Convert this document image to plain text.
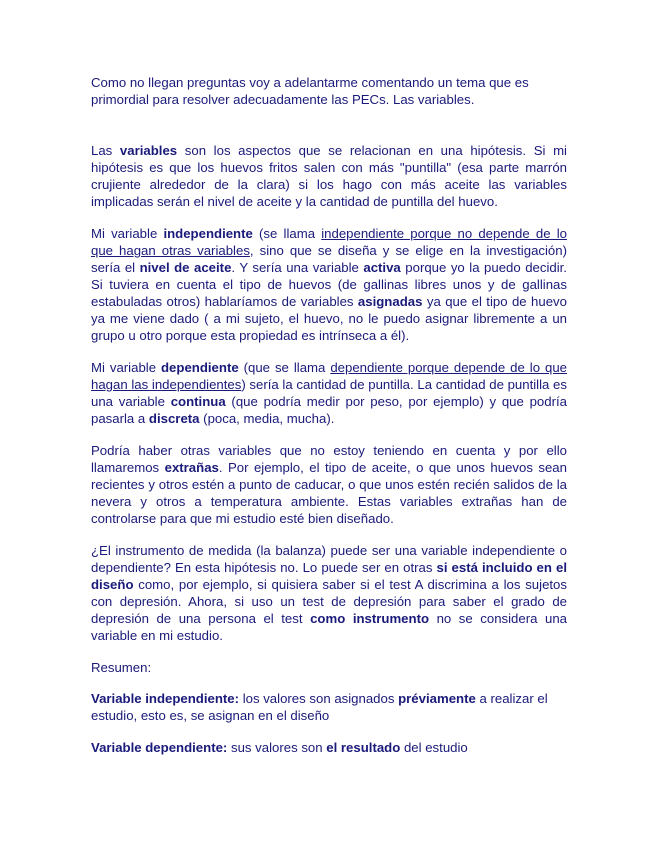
Como no llegan preguntas voy a adelantarme comentando un tema que es primordial para resolver adecuadamente las PECs. Las variables.

Las variables son los aspectos que se relacionan en una hipótesis. Si mi hipótesis es que los huevos fritos salen con más "puntilla" (esa parte marrón crujiente alrededor de la clara) si los hago con más aceite las variables implicadas serán el nivel de aceite y la cantidad de puntilla del huevo.

Mi variable independiente (se llama independiente porque no depende de lo que hagan otras variables, sino que se diseña y se elige en la investigación) sería el nivel de aceite. Y sería una variable activa porque yo la puedo decidir. Si tuviera en cuenta el tipo de huevos (de gallinas libres unos y de gallinas estabuladas otros) hablaríamos de variables asignadas ya que el tipo de huevo ya me viene dado ( a mi sujeto, el huevo, no le puedo asignar libremente a un grupo u otro porque esta propiedad es intrínseca a él).

Mi variable dependiente (que se llama dependiente porque depende de lo que hagan las independientes) sería la cantidad de puntilla. La cantidad de puntilla es una variable continua (que podría medir por peso, por ejemplo) y que podría pasarla a discreta (poca, media, mucha).

Podría haber otras variables que no estoy teniendo en cuenta y por ello llamaremos extrañas. Por ejemplo, el tipo de aceite, o que unos huevos sean recientes y otros estén a punto de caducar, o que unos estén recién salidos de la nevera y otros a temperatura ambiente. Estas variables extrañas han de controlarse para que mi estudio esté bien diseñado.

¿El instrumento de medida (la balanza) puede ser una variable independiente o dependiente? En esta hipótesis no. Lo puede ser en otras si está incluido en el diseño como, por ejemplo, si quisiera saber si el test A discrimina a los sujetos con depresión. Ahora, si uso un test de depresión para saber el grado de depresión de una persona el test como instrumento no se considera una variable en mi estudio.

Resumen:

Variable independiente: los valores son asignados préviamente a realizar el estudio, esto es, se asignan en el diseño

Variable dependiente: sus valores son el resultado del estudio
